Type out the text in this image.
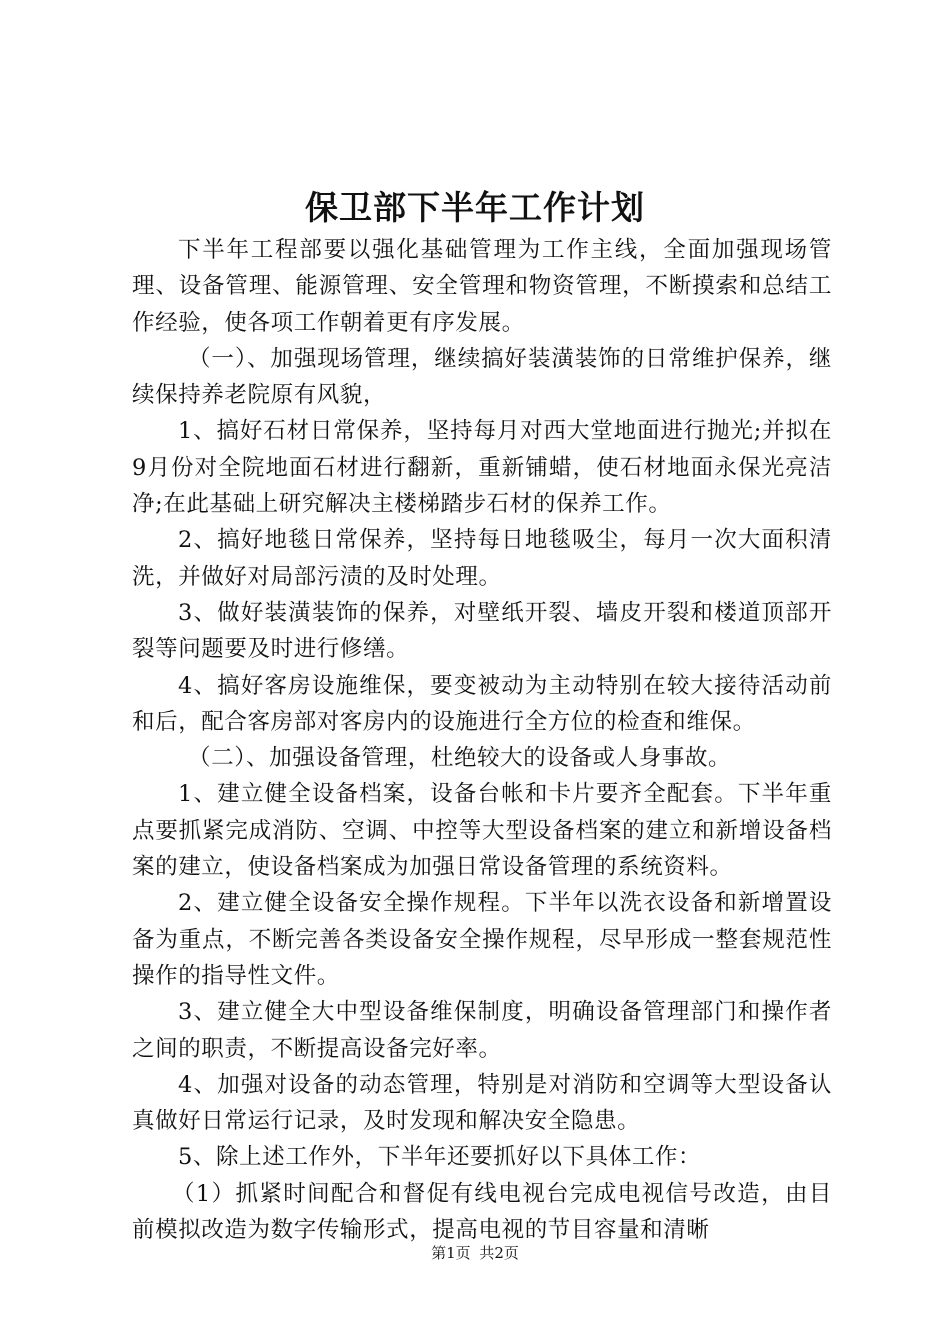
保卫部下半年工作计划

下半年工程部要以强化基础管理为工作主线，全面加强现场管理、设备管理、能源管理、安全管理和物资管理，不断摸索和总结工作经验，使各项工作朝着更有序发展。

（一）、加强现场管理，继续搞好装潢装饰的日常维护保养，继续保持养老院原有风貌，

1、搞好石材日常保养，坚持每月对西大堂地面进行抛光;并拟在9月份对全院地面石材进行翻新，重新铺蜡，使石材地面永保光亮洁净;在此基础上研究解决主楼梯踏步石材的保养工作。

2、搞好地毯日常保养，坚持每日地毯吸尘，每月一次大面积清洗，并做好对局部污渍的及时处理。

3、做好装潢装饰的保养，对壁纸开裂、墙皮开裂和楼道顶部开裂等问题要及时进行修缮。

4、搞好客房设施维保，要变被动为主动特别在较大接待活动前和后，配合客房部对客房内的设施进行全方位的检查和维保。

（二）、加强设备管理，杜绝较大的设备或人身事故。

1、建立健全设备档案，设备台帐和卡片要齐全配套。下半年重点要抓紧完成消防、空调、中控等大型设备档案的建立和新增设备档案的建立，使设备档案成为加强日常设备管理的系统资料。

2、建立健全设备安全操作规程。下半年以洗衣设备和新增置设备为重点，不断完善各类设备安全操作规程，尽早形成一整套规范性操作的指导性文件。

3、建立健全大中型设备维保制度，明确设备管理部门和操作者之间的职责，不断提高设备完好率。

4、加强对设备的动态管理，特别是对消防和空调等大型设备认真做好日常运行记录，及时发现和解决安全隐患。

5、除上述工作外，下半年还要抓好以下具体工作：

（1）抓紧时间配合和督促有线电视台完成电视信号改造，由目前模拟改造为数字传输形式，提高电视的节目容量和清晰

第1页 共2页
